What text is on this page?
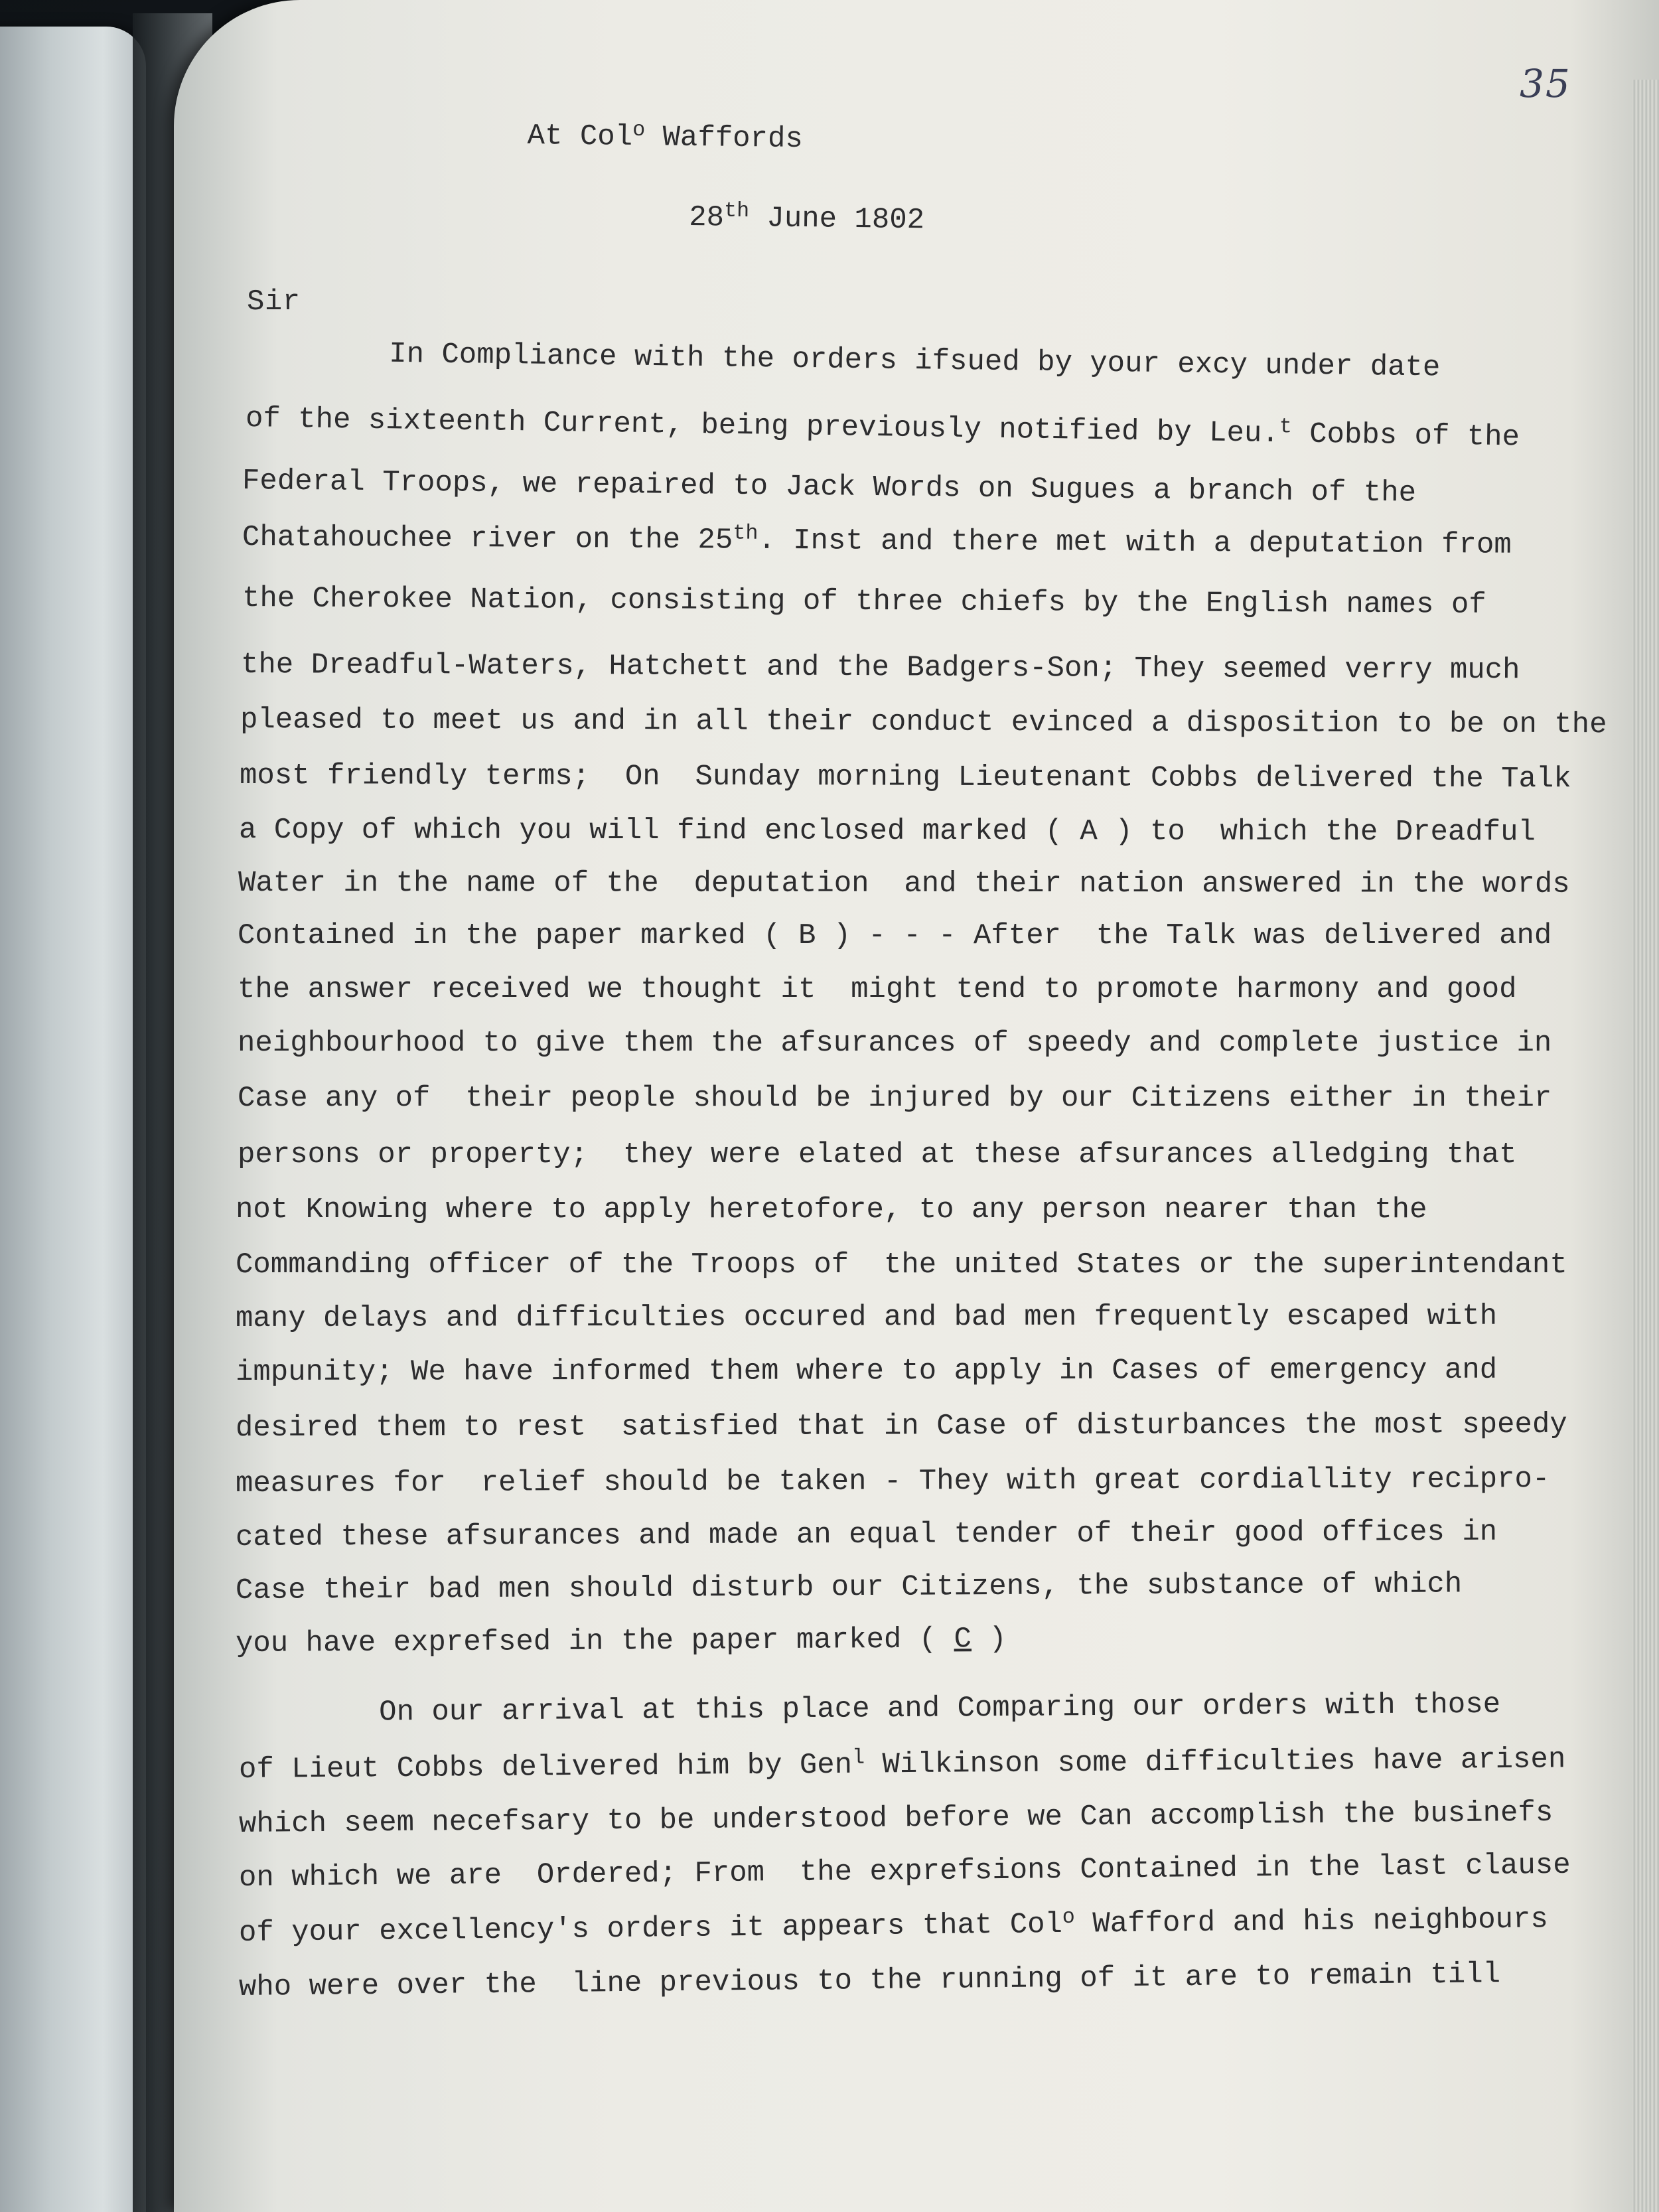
35
At Col$^o$ Waffords
28th June 1802
Sir
In Compliance with the orders ifsued by your excy under date
of the sixteenth Current, being previously notified by Leu.$^t$ Cobbs of the
Federal Troops, we repaired to Jack Words on Sugues a branch of the
Chatahouchee river on the 25th. Inst and there met with a deputation from
the Cherokee Nation, consisting of three chiefs by the English names of
the Dreadful-Waters, Hatchett and the Badgers-Son; They seemed verry much
pleased to meet us and in all their conduct evinced a disposition to be on the
most friendly terms;  On  Sunday morning Lieutenant Cobbs delivered the Talk
a Copy of which you will find enclosed marked ( A ) to  which the Dreadful
Water in the name of the  deputation  and their nation answered in the words
Contained in the paper marked ( B ) - - - After  the Talk was delivered and
the answer received we thought it  might tend to promote harmony and good
neighbourhood to give them the afsurances of speedy and complete justice in
Case any of  their people should be injured by our Citizens either in their
persons or property;  they were elated at these afsurances alledging that
not Knowing where to apply heretofore, to any person nearer than the
Commanding officer of the Troops of  the united States or the superintendant
many delays and difficulties occured and bad men frequently escaped with
impunity; We have informed them where to apply in Cases of emergency and
desired them to rest  satisfied that in Case of disturbances the most speedy
measures for  relief should be taken - They with great cordiallity recipro-
cated these afsurances and made an equal tender of their good offices in
Case their bad men should disturb our Citizens, the substance of which
you have exprefsed in the paper marked ( C )
On our arrival at this place and Comparing our orders with those
of Lieut Cobbs delivered him by Gen$^l$ Wilkinson some difficulties have arisen
which seem necefsary to be understood before we Can accomplish the businefs
on which we are  Ordered; From  the exprefsions Contained in the last clause
of your excellency's orders it appears that Col$^o$ Wafford and his neighbours
who were over the  line previous to the running of it are to remain till
